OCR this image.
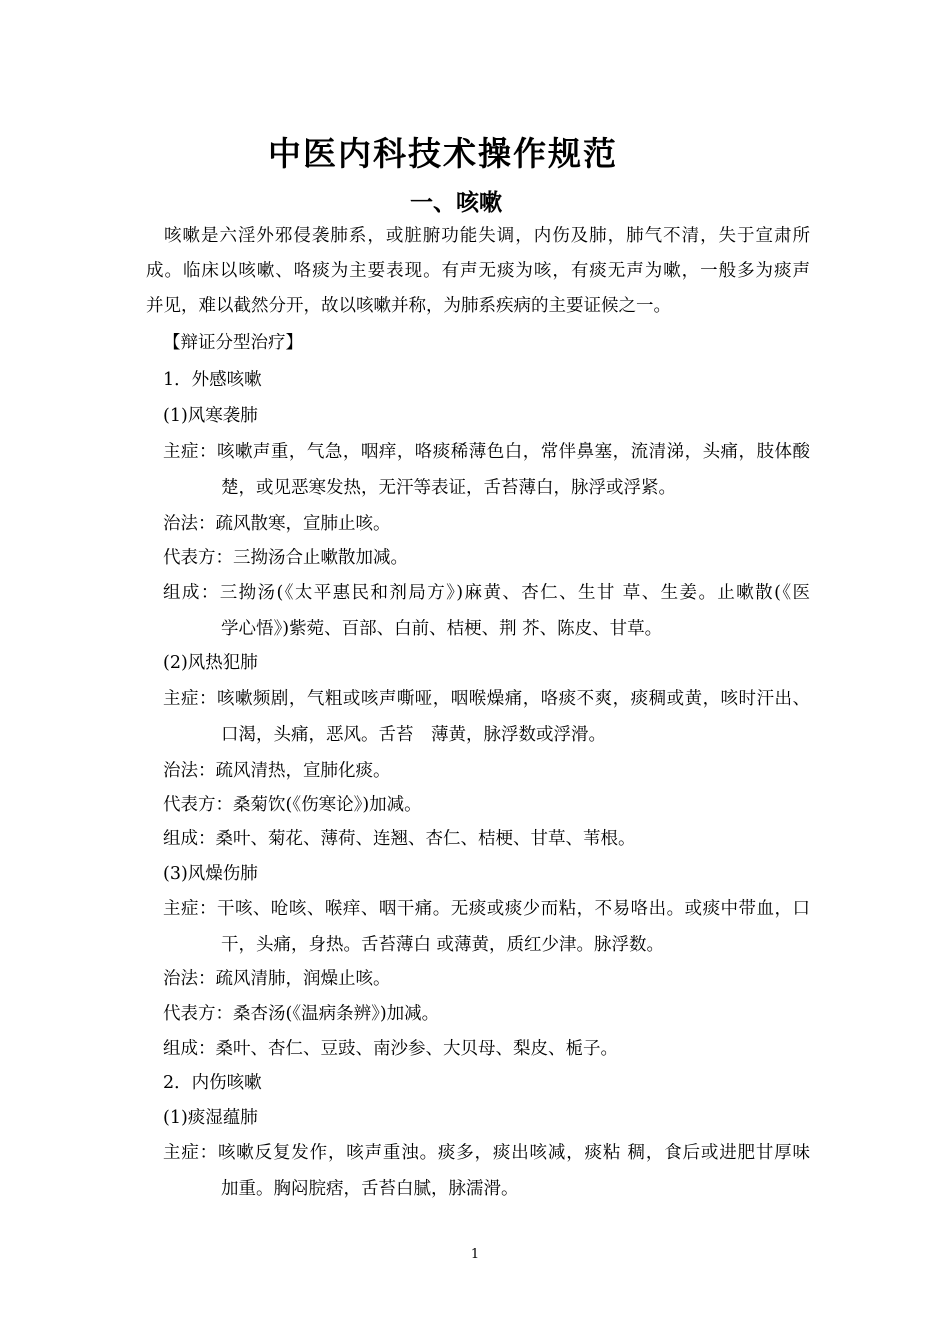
中医内科技术操作规范
一、咳嗽
咳嗽是六淫外邪侵袭肺系，或脏腑功能失调，内伤及肺，肺气不清，失于宣肃所
成。临床以咳嗽、咯痰为主要表现。有声无痰为咳，有痰无声为嗽，一般多为痰声
并见，难以截然分开，故以咳嗽并称，为肺系疾病的主要证候之一。
【辩证分型治疗】
1．外感咳嗽
(1)风寒袭肺
主症：咳嗽声重，气急，咽痒，咯痰稀薄色白，常伴鼻塞，流清涕，头痛，肢体酸
楚，或见恶寒发热，无汗等表证，舌苔薄白，脉浮或浮紧。
治法：疏风散寒，宣肺止咳。
代表方：三拗汤合止嗽散加减。
组成：三拗汤(《太平惠民和剂局方》)麻黄、杏仁、生甘 草、生姜。止嗽散(《医
学心悟》)紫菀、百部、白前、桔梗、荆 芥、陈皮、甘草。
(2)风热犯肺
主症：咳嗽频剧，气粗或咳声嘶哑，咽喉燥痛，咯痰不爽，痰稠或黄，咳时汗出、
口渴，头痛，恶风。舌苔　薄黄，脉浮数或浮滑。
治法：疏风清热，宣肺化痰。
代表方：桑菊饮(《伤寒论》)加减。
组成：桑叶、菊花、薄荷、连翘、杏仁、桔梗、甘草、苇根。
(3)风燥伤肺
主症：干咳、呛咳、喉痒、咽干痛。无痰或痰少而粘，不易咯出。或痰中带血，口
干，头痛，身热。舌苔薄白 或薄黄，质红少津。脉浮数。
治法：疏风清肺，润燥止咳。
代表方：桑杏汤(《温病条辨》)加减。
组成：桑叶、杏仁、豆豉、南沙参、大贝母、梨皮、栀子。
2．内伤咳嗽
(1)痰湿蕴肺
主症：咳嗽反复发作，咳声重浊。痰多，痰出咳减，痰粘 稠，食后或进肥甘厚味
加重。胸闷脘痞，舌苔白腻，脉濡滑。
1
